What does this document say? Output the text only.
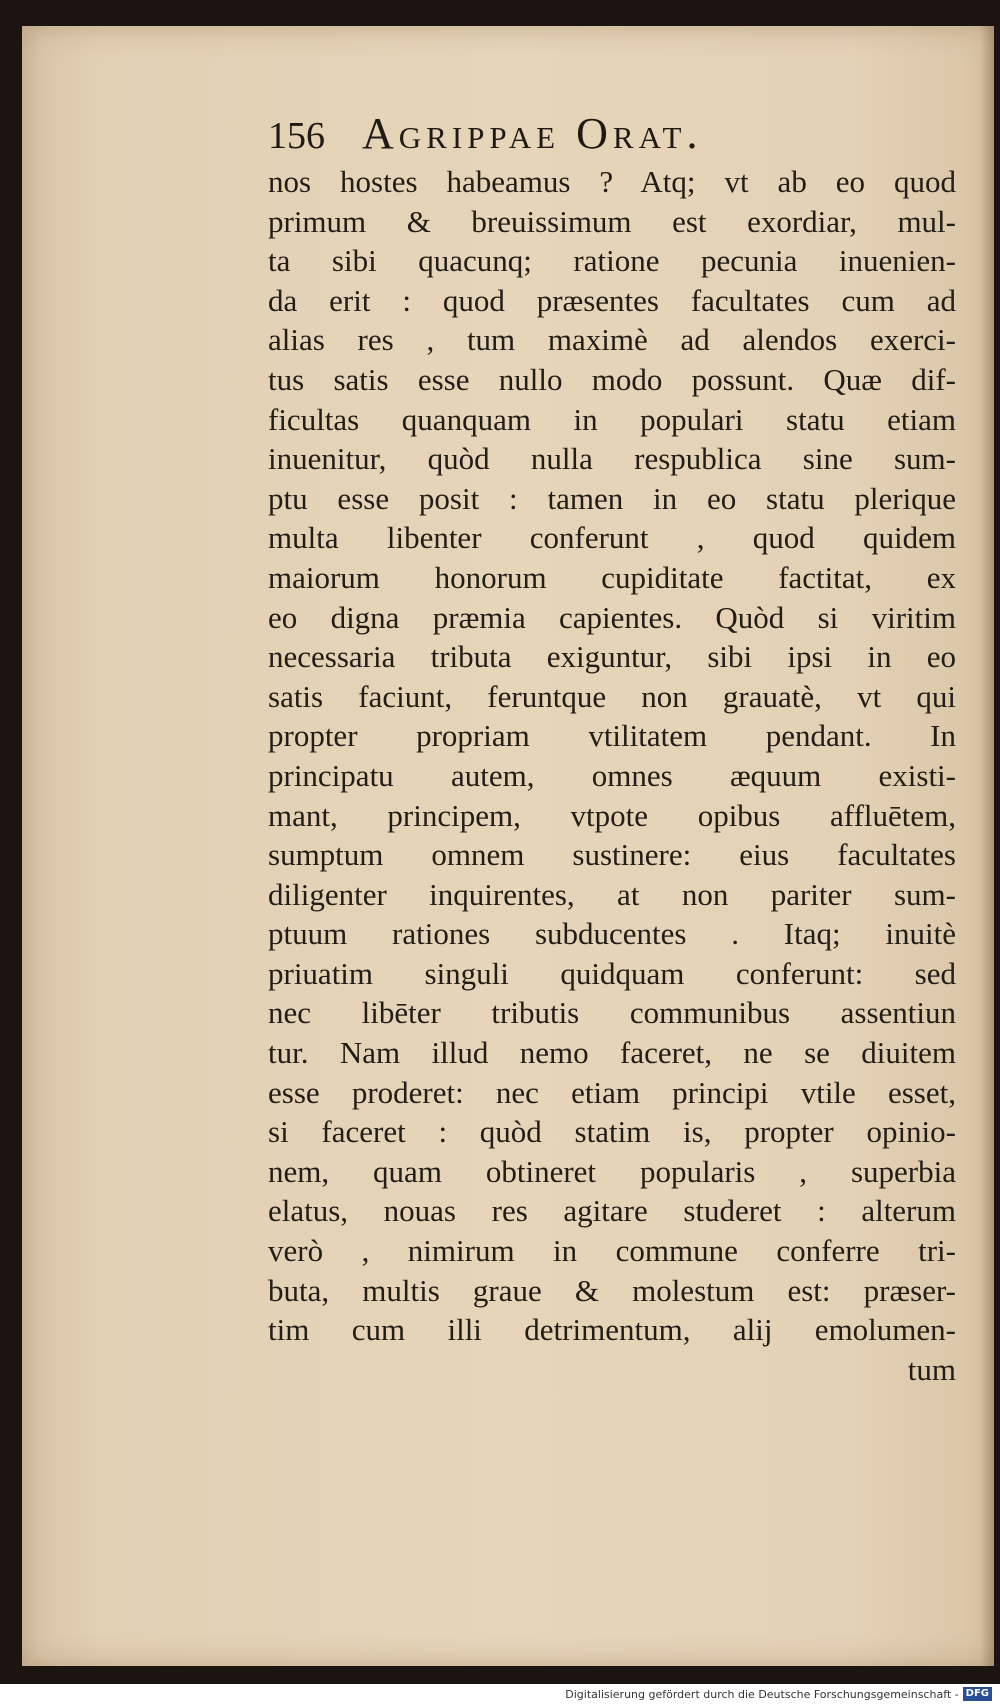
156 Agrippae Orat.
nos hostes habeamus ? Atq; vt ab eo quod
primum & breuissimum est exordiar, mul-
ta sibi quacunq; ratione pecunia inuenien-
da erit : quod præsentes facultates cum ad
alias res , tum maximè ad alendos exerci-
tus satis esse nullo modo possunt. Quæ dif-
ficultas quanquam in populari statu etiam
inuenitur, quòd nulla respublica sine sum-
ptu esse posit : tamen in eo statu plerique
multa libenter conferunt , quod quidem
maiorum honorum cupiditate factitat, ex
eo digna præmia capientes. Quòd si viritim
necessaria tributa exiguntur, sibi ipsi in eo
satis faciunt, feruntque non grauatè, vt qui
propter propriam vtilitatem pendant. In
principatu autem, omnes æquum existi-
mant, principem, vtpote opibus affluētem,
sumptum omnem sustinere: eius facultates
diligenter inquirentes, at non pariter sum-
ptuum rationes subducentes . Itaq; inuitè
priuatim singuli quidquam conferunt: sed
nec libēter tributis communibus assentiun
tur. Nam illud nemo faceret, ne se diuitem
esse proderet: nec etiam principi vtile esset,
si faceret : quòd statim is, propter opinio-
nem, quam obtineret popularis , superbia
elatus, nouas res agitare studeret : alterum
verò , nimirum in commune conferre tri-
buta, multis graue & molestum est: præser-
tim cum illi detrimentum, alij emolumen-
tum
Digitalisierung gefördert durch die Deutsche Forschungsgemeinschaft - DFG
